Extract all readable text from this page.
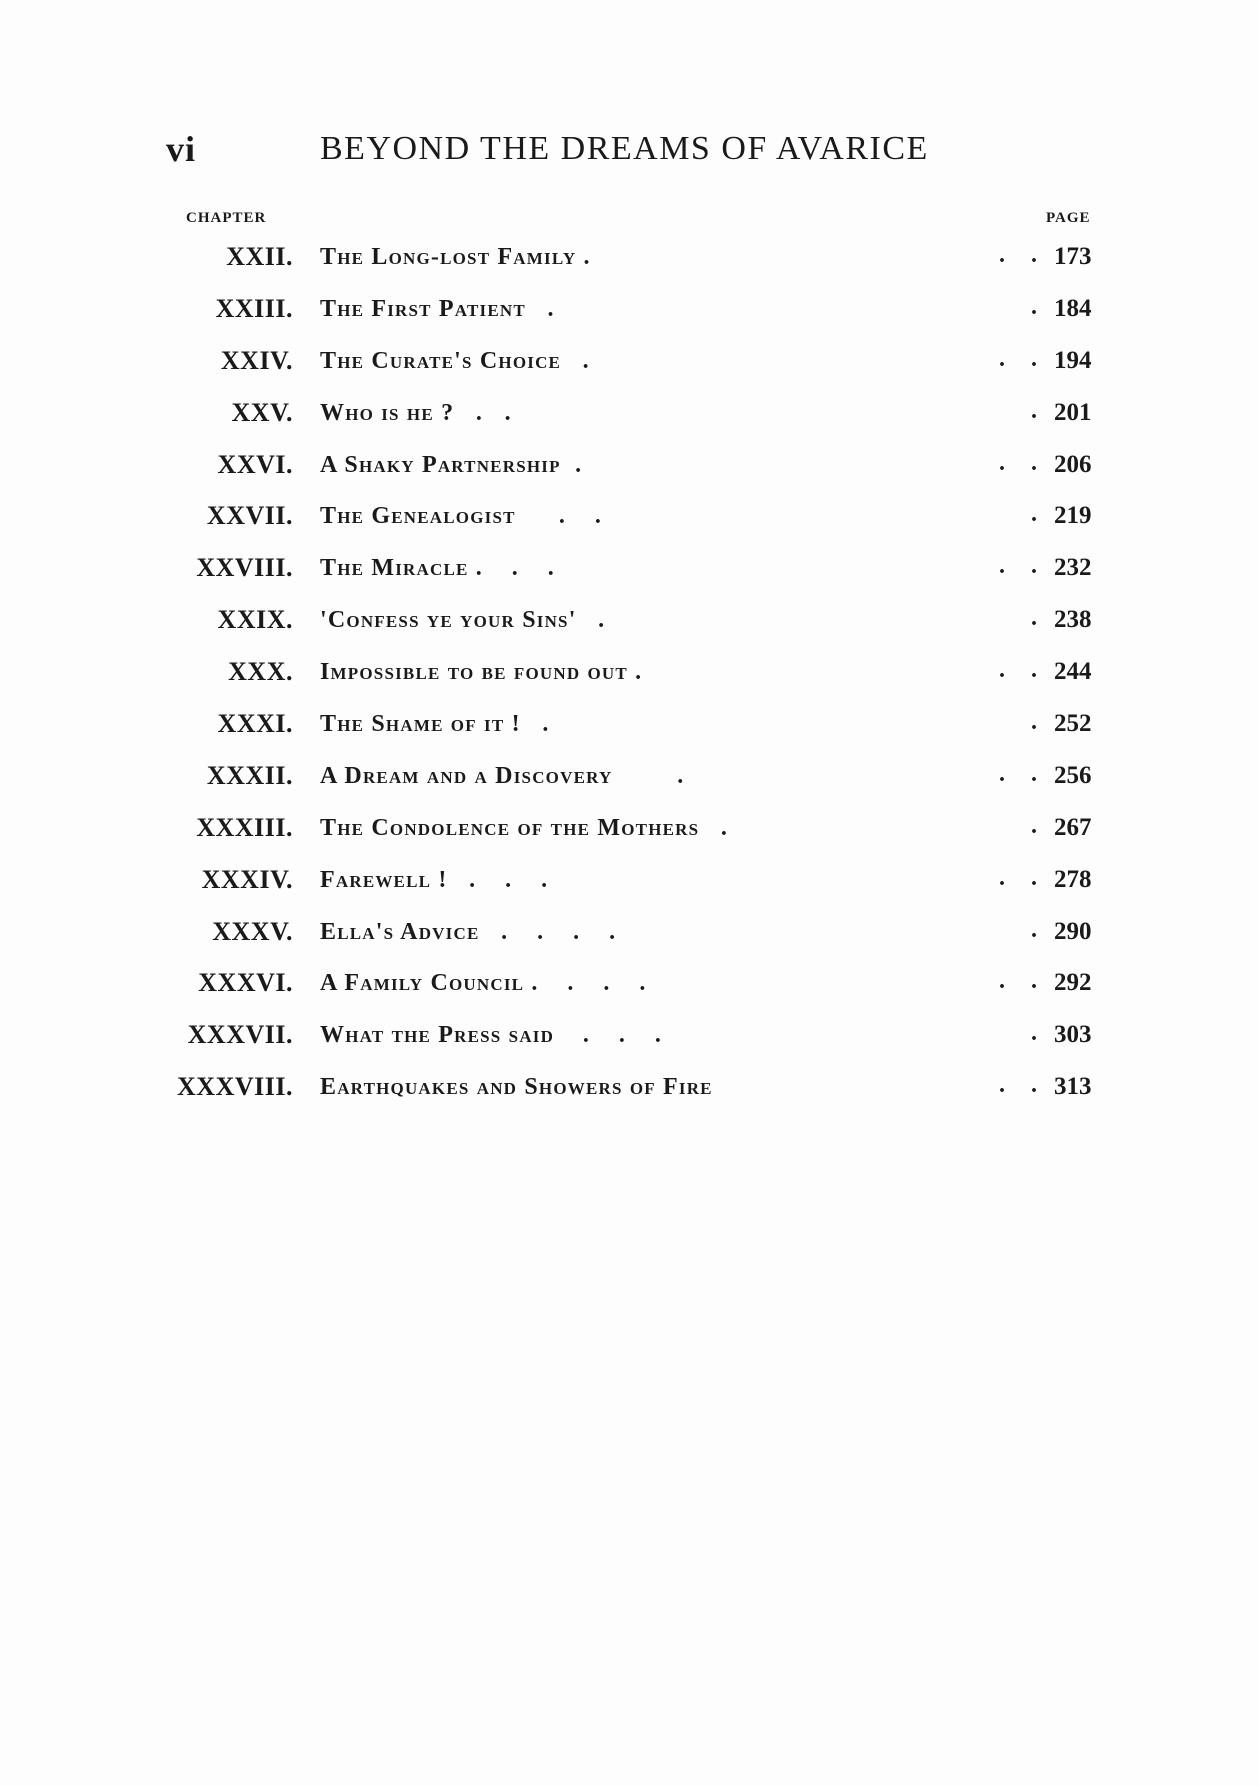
vi	BEYOND THE DREAMS OF AVARICE
CHAPTER	PAGE
XXII. The Long-lost Family .	. . 173
XXIII. The First Patient   .	. 184
XXIV. The Curate's Choice   .	. . 194
XXV. Who is he ?   .   .	. 201
XXVI. A Shaky Partnership  .	. . 206
XXVII. The Genealogist      .    .	. 219
XXVIII. The Miracle .    .    .	. . 232
XXIX. 'Confess ye your Sins'   .	. 238
XXX. Impossible to be found out .	. . 244
XXXI. The Shame of it !   .	. 252
XXXII. A Dream and a Discovery         .	. . 256
XXXIII. The Condolence of the Mothers   .	. 267
XXXIV. Farewell !   .    .    .	. . 278
XXXV. Ella's Advice   .    .    .    .	. 290
XXXVI. A Family Council .    .    .    .	. . 292
XXXVII. What the Press said    .    .    .	. 303
XXXVIII. Earthquakes and Showers of Fire	. . 313
